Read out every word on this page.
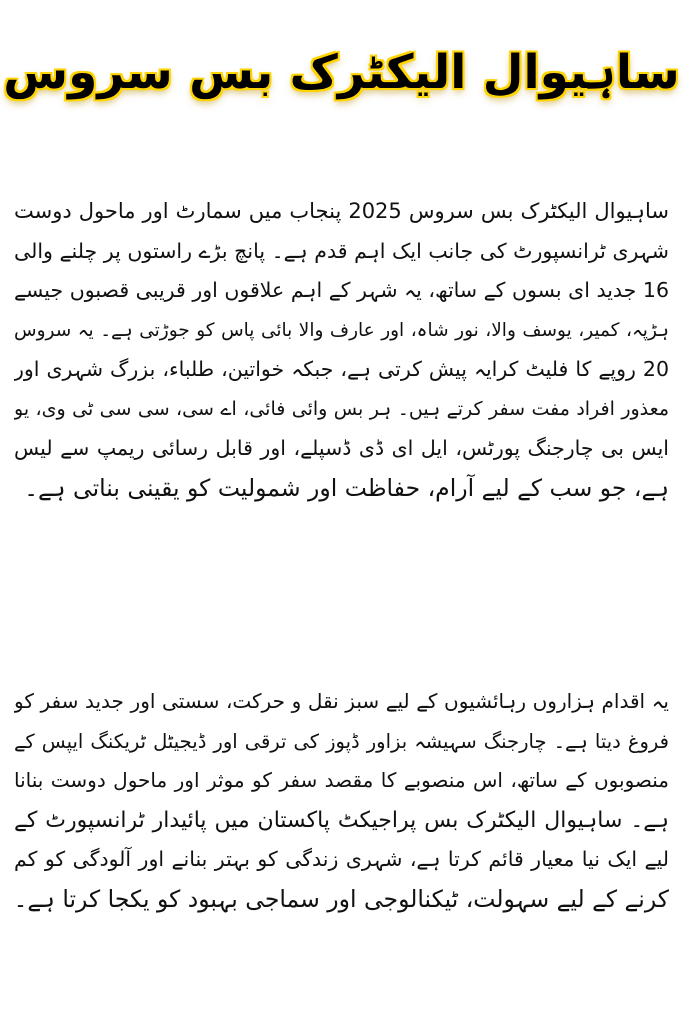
ساہیوال الیکٹرک بس سروس
ساہیوال الیکٹرک بس سروس 2025 پنجاب میں سمارٹ اور ماحول دوست
شہری ٹرانسپورٹ کی جانب ایک اہم قدم ہے۔ پانچ بڑے راستوں پر چلنے والی
16 جدید ای بسوں کے ساتھ، یہ شہر کے اہم علاقوں اور قریبی قصبوں جیسے
ہڑپہ، کمیر، یوسف والا، نور شاہ، اور عارف والا بائی پاس کو جوڑتی ہے۔ یہ سروس
20 روپے کا فلیٹ کرایہ پیش کرتی ہے، جبکہ خواتین، طلباء، بزرگ شہری اور
معذور افراد مفت سفر کرتے ہیں۔ ہر بس وائی فائی، اے سی، سی سی ٹی وی، یو
ایس بی چارجنگ پورٹس، ایل ای ڈی ڈسپلے، اور قابل رسائی ریمپ سے لیس
ہے، جو سب کے لیے آرام، حفاظت اور شمولیت کو یقینی بناتی ہے۔
یہ اقدام ہزاروں رہائشیوں کے لیے سبز نقل و حرکت، سستی اور جدید سفر کو
فروغ دیتا ہے۔ چارجنگ سہیشہ بزاور ڈپوز کی ترقی اور ڈیجیٹل ٹریکنگ ایپس کے
منصوبوں کے ساتھ، اس منصوبے کا مقصد سفر کو موثر اور ماحول دوست بنانا
ہے۔ ساہیوال الیکٹرک بس پراجیکٹ پاکستان میں پائیدار ٹرانسپورٹ کے
لیے ایک نیا معیار قائم کرتا ہے، شہری زندگی کو بہتر بنانے اور آلودگی کو کم
کرنے کے لیے سہولت، ٹیکنالوجی اور سماجی بہبود کو یکجا کرتا ہے۔
